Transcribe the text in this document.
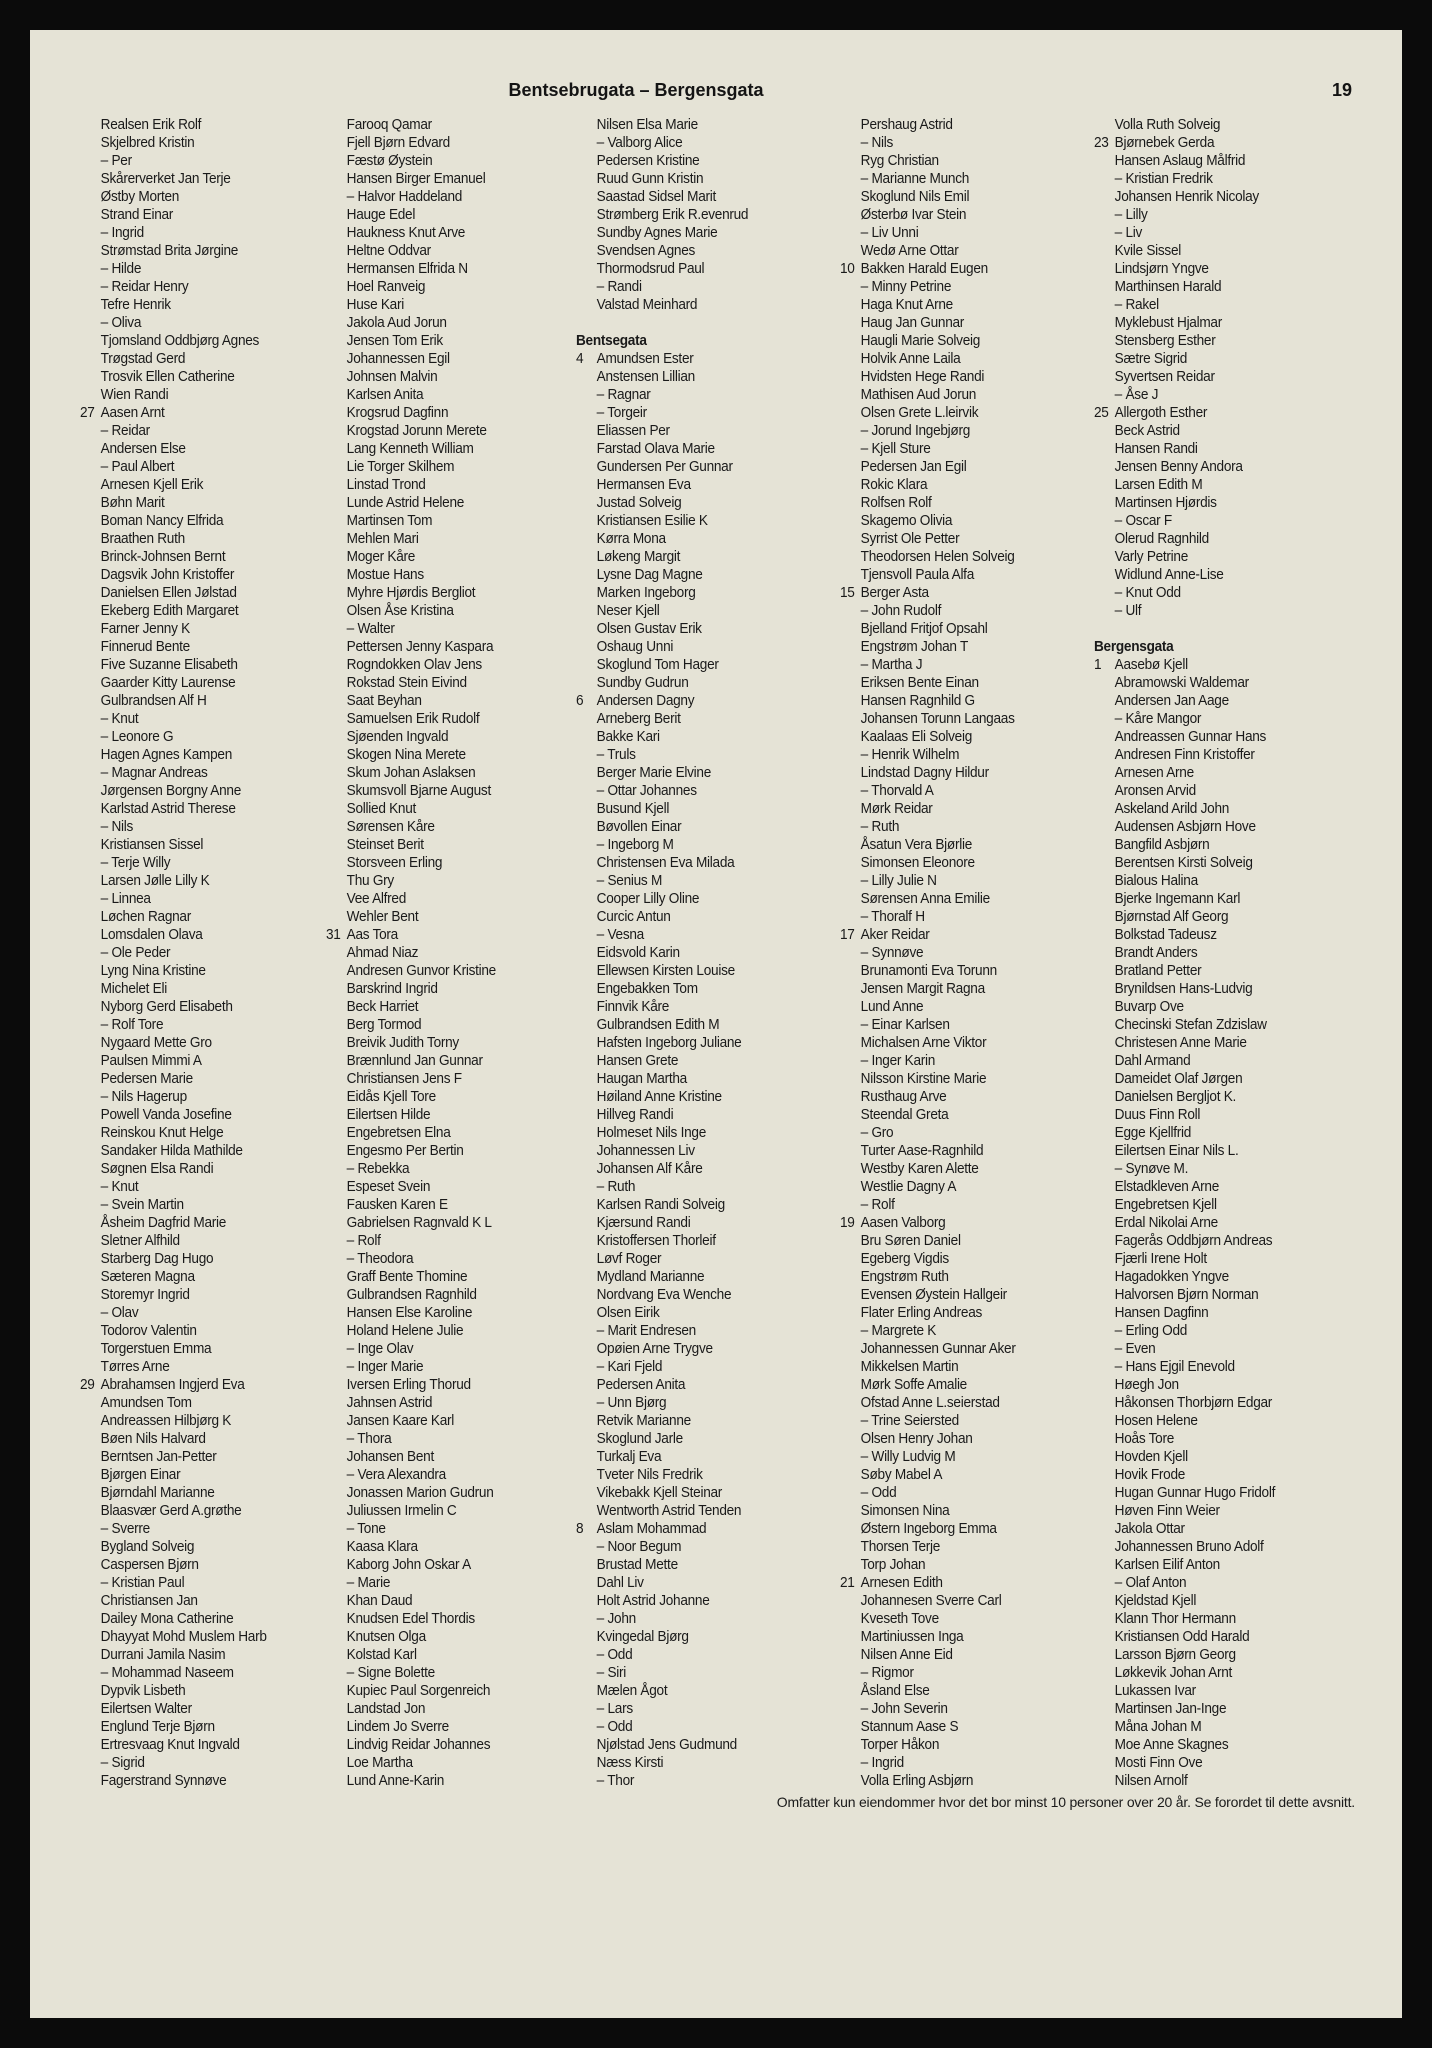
Bentsebrugata – Bergensgata	19
Realsen Erik Rolf
Skjelbred Kristin
– Per
Skårerverket Jan Terje
Østby Morten
Strand Einar
– Ingrid
Strømstad Brita Jørgine
– Hilde
– Reidar Henry
Tefre Henrik
– Oliva
Tjomsland Oddbjørg Agnes
Trøgstad Gerd
Trosvik Ellen Catherine
Wien Randi
27 Aasen Arnt
– Reidar
Andersen Else
– Paul Albert
Arnesen Kjell Erik
Bøhn Marit
Boman Nancy Elfrida
Braathen Ruth
Brinck-Johnsen Bernt
Dagsvik John Kristoffer
Danielsen Ellen Jølstad
Ekeberg Edith Margaret
Farner Jenny K
Finnerud Bente
Five Suzanne Elisabeth
Gaarder Kitty Laurense
Gulbrandsen Alf H
– Knut
– Leonore G
Hagen Agnes Kampen
– Magnar Andreas
Jørgensen Borgny Anne
Karlstad Astrid Therese
– Nils
Kristiansen Sissel
– Terje Willy
Larsen Jølle Lilly K
– Linnea
Løchen Ragnar
Lomsdalen Olava
– Ole Peder
Lyng Nina Kristine
Michelet Eli
Nyborg Gerd Elisabeth
– Rolf Tore
Nygaard Mette Gro
Paulsen Mimmi A
Pedersen Marie
– Nils Hagerup
Powell Vanda Josefine
Reinskou Knut Helge
Sandaker Hilda Mathilde
Søgnen Elsa Randi
– Knut
– Svein Martin
Åsheim Dagfrid Marie
Sletner Alfhild
Starberg Dag Hugo
Sæteren Magna
Storemyr Ingrid
– Olav
Todorov Valentin
Torgerstuen Emma
Tørres Arne
29 Abrahamsen Ingjerd Eva
Amundsen Tom
Andreassen Hilbjørg K
Bøen Nils Halvard
Berntsen Jan-Petter
Bjørgen Einar
Bjørndahl Marianne
Blaasvær Gerd A.grøthe
– Sverre
Bygland Solveig
Caspersen Bjørn
– Kristian Paul
Christiansen Jan
Dailey Mona Catherine
Dhayyat Mohd Muslem Harb
Durrani Jamila Nasim
– Mohammad Naseem
Dypvik Lisbeth
Eilertsen Walter
Englund Terje Bjørn
Ertresvaag Knut Ingvald
– Sigrid
Fagerstrand Synnøve
Farooq Qamar
Fjell Bjørn Edvard
Fæstø Øystein
Hansen Birger Emanuel
– Halvor Haddeland
Hauge Edel
Haukness Knut Arve
Heltne Oddvar
Hermansen Elfrida N
Hoel Ranveig
Huse Kari
Jakola Aud Jorun
Jensen Tom Erik
Johannessen Egil
Johnsen Malvin
Karlsen Anita
Krogsrud Dagfinn
Krogstad Jorunn Merete
Lang Kenneth William
Lie Torger Skilhem
Linstad Trond
Lunde Astrid Helene
Martinsen Tom
Mehlen Mari
Moger Kåre
Mostue Hans
Myhre Hjørdis Bergliot
Olsen Åse Kristina
– Walter
Pettersen Jenny Kaspara
Rogndokken Olav Jens
Rokstad Stein Eivind
Saat Beyhan
Samuelsen Erik Rudolf
Sjøenden Ingvald
Skogen Nina Merete
Skum Johan Aslaksen
Skumsvoll Bjarne August
Sollied Knut
Sørensen Kåre
Steinset Berit
Storsveen Erling
Thu Gry
Vee Alfred
Wehler Bent
31 Aas Tora
Ahmad Niaz
Andresen Gunvor Kristine
Barskrind Ingrid
Beck Harriet
Berg Tormod
Breivik Judith Torny
Brænnlund Jan Gunnar
Christiansen Jens F
Eidås Kjell Tore
Eilertsen Hilde
Engebretsen Elna
Engesmo Per Bertin
– Rebekka
Espeset Svein
Fausken Karen E
Gabrielsen Ragnvald K L
– Rolf
– Theodora
Graff Bente Thomine
Gulbrandsen Ragnhild
Hansen Else Karoline
Holand Helene Julie
– Inge Olav
– Inger Marie
Iversen Erling Thorud
Jahnsen Astrid
Jansen Kaare Karl
– Thora
Johansen Bent
– Vera Alexandra
Jonassen Marion Gudrun
Juliussen Irmelin C
– Tone
Kaasa Klara
Kaborg John Oskar A
– Marie
Khan Daud
Knudsen Edel Thordis
Knutsen Olga
Kolstad Karl
– Signe Bolette
Kupiec Paul Sorgenreich
Landstad Jon
Lindem Jo Sverre
Lindvig Reidar Johannes
Loe Martha
Lund Anne-Karin
Nilsen Elsa Marie
– Valborg Alice
Pedersen Kristine
Ruud Gunn Kristin
Saastad Sidsel Marit
Strømberg Erik R.evenrud
Sundby Agnes Marie
Svendsen Agnes
Thormodsrud Paul
– Randi
Valstad Meinhard
Bentsegata
4 Amundsen Ester
Anstensen Lillian
– Ragnar
– Torgeir
Eliassen Per
Farstad Olava Marie
Gundersen Per Gunnar
Hermansen Eva
Justad Solveig
Kristiansen Esilie K
Kørra Mona
Løkeng Margit
Lysne Dag Magne
Marken Ingeborg
Neser Kjell
Olsen Gustav Erik
Oshaug Unni
Skoglund Tom Hager
Sundby Gudrun
6 Andersen Dagny
Arneberg Berit
Bakke Kari
– Truls
Berger Marie Elvine
– Ottar Johannes
Busund Kjell
Bøvollen Einar
– Ingeborg M
Christensen Eva Milada
– Senius M
Cooper Lilly Oline
Curcic Antun
– Vesna
Eidsvold Karin
Ellewsen Kirsten Louise
Engebakken Tom
Finnvik Kåre
Gulbrandsen Edith M
Hafsten Ingeborg Juliane
Hansen Grete
Haugan Martha
Høiland Anne Kristine
Hillveg Randi
Holmeset Nils Inge
Johannessen Liv
Johansen Alf Kåre
– Ruth
Karlsen Randi Solveig
Kjærsund Randi
Kristoffersen Thorleif
Løvf Roger
Mydland Marianne
Nordvang Eva Wenche
Olsen Eirik
– Marit Endresen
Opøien Arne Trygve
– Kari Fjeld
Pedersen Anita
– Unn Bjørg
Retvik Marianne
Skoglund Jarle
Turkalj Eva
Tveter Nils Fredrik
Vikebakk Kjell Steinar
Wentworth Astrid Tenden
8 Aslam Mohammad
– Noor Begum
Brustad Mette
Dahl Liv
Holt Astrid Johanne
– John
Kvingedal Bjørg
– Odd
– Siri
Mælen Ågot
– Lars
– Odd
Njølstad Jens Gudmund
Næss Kirsti
– Thor
Pershaug Astrid
– Nils
Ryg Christian
– Marianne Munch
Skoglund Nils Emil
Østerbø Ivar Stein
– Liv Unni
Wedø Arne Ottar
10 Bakken Harald Eugen
– Minny Petrine
Haga Knut Arne
Haug Jan Gunnar
Haugli Marie Solveig
Holvik Anne Laila
Hvidsten Hege Randi
Mathisen Aud Jorun
Olsen Grete L.leirvik
– Jorund Ingebjørg
– Kjell Sture
Pedersen Jan Egil
Rokic Klara
Rolfsen Rolf
Skagemo Olivia
Syrrist Ole Petter
Theodorsen Helen Solveig
Tjensvoll Paula Alfa
15 Berger Asta
– John Rudolf
Bjelland Fritjof Opsahl
Engstrøm Johan T
– Martha J
Eriksen Bente Einan
Hansen Ragnhild G
Johansen Torunn Langaas
Kaalaas Eli Solveig
– Henrik Wilhelm
Lindstad Dagny Hildur
– Thorvald A
Mørk Reidar
– Ruth
Åsatun Vera Bjørlie
Simonsen Eleonore
– Lilly Julie N
Sørensen Anna Emilie
– Thoralf H
17 Aker Reidar
– Synnøve
Brunamonti Eva Torunn
Jensen Margit Ragna
Lund Anne
– Einar Karlsen
Michalsen Arne Viktor
– Inger Karin
Nilsson Kirstine Marie
Rusthaug Arve
Steendal Greta
– Gro
Turter Aase-Ragnhild
Westby Karen Alette
Westlie Dagny A
– Rolf
19 Aasen Valborg
Bru Søren Daniel
Egeberg Vigdis
Engstrøm Ruth
Evensen Øystein Hallgeir
Flater Erling Andreas
– Margrete K
Johannessen Gunnar Aker
Mikkelsen Martin
Mørk Soffe Amalie
Ofstad Anne L.seierstad
– Trine Seiersted
Olsen Henry Johan
– Willy Ludvig M
Søby Mabel A
– Odd
Simonsen Nina
Østern Ingeborg Emma
Thorsen Terje
Torp Johan
21 Arnesen Edith
Johannesen Sverre Carl
Kveseth Tove
Martiniussen Inga
Nilsen Anne Eid
– Rigmor
Åsland Else
– John Severin
Stannum Aase S
Torper Håkon
– Ingrid
Volla Erling Asbjørn
Volla Ruth Solveig
23 Bjørnebek Gerda
Hansen Aslaug Målfrid
– Kristian Fredrik
Johansen Henrik Nicolay
– Lilly
– Liv
Kvile Sissel
Lindsjørn Yngve
Marthinsen Harald
– Rakel
Myklebust Hjalmar
Stensberg Esther
Sætre Sigrid
Syvertsen Reidar
– Åse J
25 Allergoth Esther
Beck Astrid
Hansen Randi
Jensen Benny Andora
Larsen Edith M
Martinsen Hjørdis
– Oscar F
Olerud Ragnhild
Varly Petrine
Widlund Anne-Lise
– Knut Odd
– Ulf
Bergensgata
1 Aasebø Kjell
Abramowski Waldemar
Andersen Jan Aage
– Kåre Mangor
Andreassen Gunnar Hans
Andresen Finn Kristoffer
Arnesen Arne
Aronsen Arvid
Askeland Arild John
Audensen Asbjørn Hove
Bangfild Asbjørn
Berentsen Kirsti Solveig
Bialous Halina
Bjerke Ingemann Karl
Bjørnstad Alf Georg
Bolkstad Tadeusz
Brandt Anders
Bratland Petter
Brynildsen Hans-Ludvig
Buvarp Ove
Checinski Stefan Zdzislaw
Christesen Anne Marie
Dahl Armand
Dameidet Olaf Jørgen
Danielsen Bergljot K.
Duus Finn Roll
Egge Kjellfrid
Eilertsen Einar Nils L.
– Synøve M.
Elstadkleven Arne
Engebretsen Kjell
Erdal Nikolai Arne
Fagerås Oddbjørn Andreas
Fjærli Irene Holt
Hagadokken Yngve
Halvorsen Bjørn Norman
Hansen Dagfinn
– Erling Odd
– Even
– Hans Ejgil Enevold
Høegh Jon
Håkonsen Thorbjørn Edgar
Hosen Helene
Hoås Tore
Hovden Kjell
Hovik Frode
Hugan Gunnar Hugo Fridolf
Høven Finn Weier
Jakola Ottar
Johannessen Bruno Adolf
Karlsen Eilif Anton
– Olaf Anton
Kjeldstad Kjell
Klann Thor Hermann
Kristiansen Odd Harald
Larsson Bjørn Georg
Løkkevik Johan Arnt
Lukassen Ivar
Martinsen Jan-Inge
Måna Johan M
Moe Anne Skagnes
Mosti Finn Ove
Nilsen Arnolf
Omfatter kun eiendommer hvor det bor minst 10 personer over 20 år. Se forordet til dette avsnitt.
